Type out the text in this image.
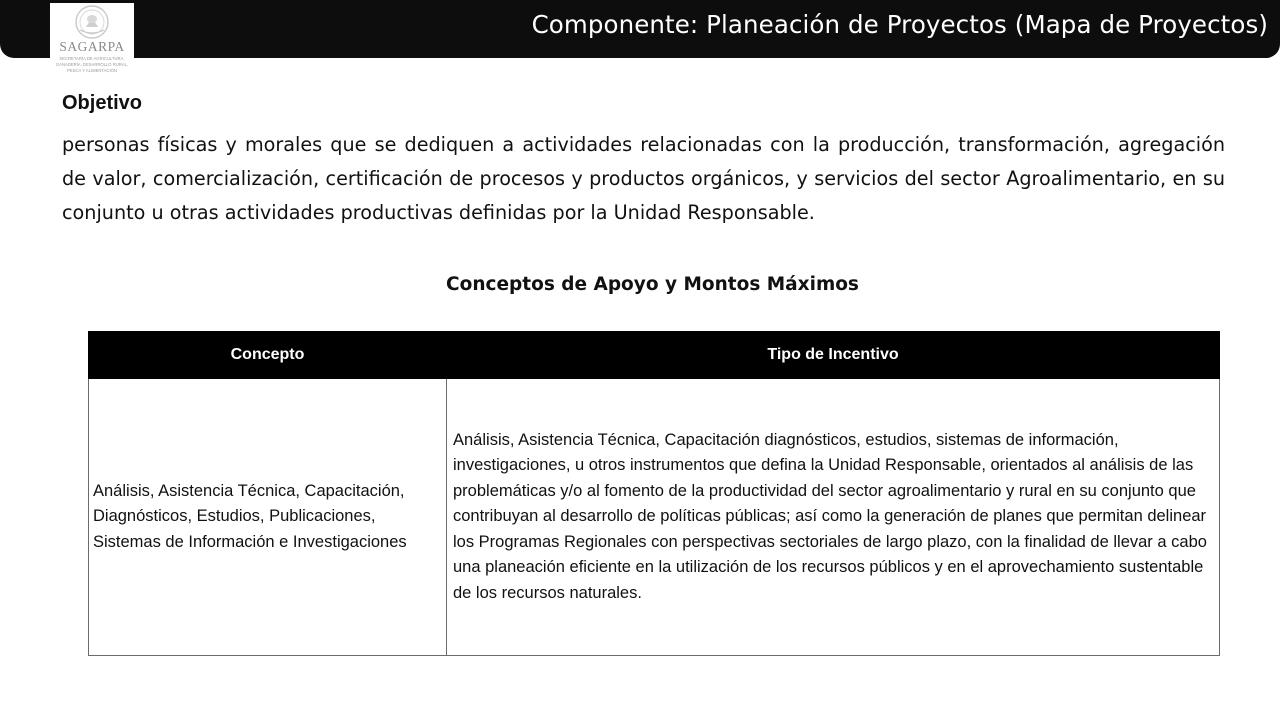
Componente: Planeación de Proyectos (Mapa de Proyectos)
SAGARPA
SECRETARÍA DE AGRICULTURA,
GANADERÍA, DESARROLLO RURAL,
PESCA Y ALIMENTACIÓN
Objetivo
personas físicas y morales que se dediquen a actividades relacionadas con la producción, transformación, agregación de valor, comercialización, certificación de procesos y productos orgánicos, y servicios del sector Agroalimentario, en su conjunto u otras actividades productivas definidas por la Unidad Responsable.
Conceptos de Apoyo y Montos Máximos
Concepto	Tipo de Incentivo
Análisis, Asistencia Técnica, Capacitación, Diagnósticos, Estudios, Publicaciones, Sistemas de Información e Investigaciones	Análisis, Asistencia Técnica, Capacitación diagnósticos, estudios, sistemas de información, investigaciones, u otros instrumentos que defina la Unidad Responsable, orientados al análisis de las problemáticas y/o al fomento de la productividad del sector agroalimentario y rural en su conjunto que contribuyan al desarrollo de políticas públicas; así como la generación de planes que permitan delinear los Programas Regionales con perspectivas sectoriales de largo plazo, con la finalidad de llevar a cabo una planeación eficiente en la utilización de los recursos públicos y en el aprovechamiento sustentable de los recursos naturales.
